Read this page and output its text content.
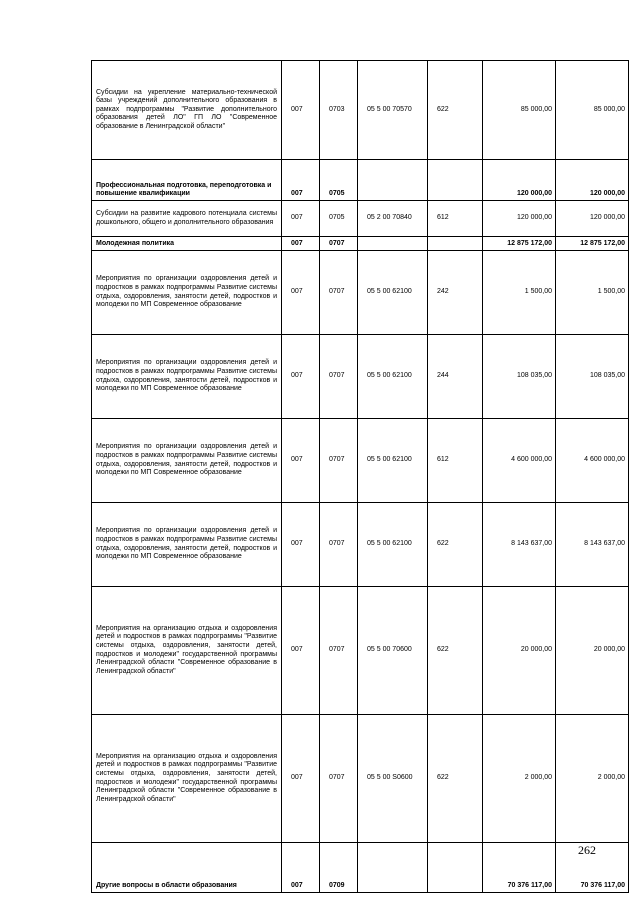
Субсидии на укрепление материально-технической базы учреждений дополнительного образования в рамках подпрограммы "Развитие дополнительного образования детей ЛО" ГП ЛО "Современное образование в Ленинградской области"	007	0703	05 5 00 70570	622	85 000,00	85 000,00
Профессиональная подготовка, переподготовка и повышение квалификации	007	0705			120 000,00	120 000,00
Субсидии на развитие кадрового потенциала системы дошкольного, общего и дополнительного образования	007	0705	05 2 00 70840	612	120 000,00	120 000,00
Молодежная политика	007	0707			12 875 172,00	12 875 172,00
Мероприятия по организации оздоровления детей и подростков в рамках подпрограммы Развитие системы отдыха, оздоровления, занятости детей, подростков и молодежи по МП Современное образование	007	0707	05 5 00 62100	242	1 500,00	1 500,00
Мероприятия по организации оздоровления детей и подростков в рамках подпрограммы Развитие системы отдыха, оздоровления, занятости детей, подростков и молодежи по МП Современное образование	007	0707	05 5 00 62100	244	108 035,00	108 035,00
Мероприятия по организации оздоровления детей и подростков в рамках подпрограммы Развитие системы отдыха, оздоровления, занятости детей, подростков и молодежи по МП Современное образование	007	0707	05 5 00 62100	612	4 600 000,00	4 600 000,00
Мероприятия по организации оздоровления детей и подростков в рамках подпрограммы Развитие системы отдыха, оздоровления, занятости детей, подростков и молодежи по МП Современное образование	007	0707	05 5 00 62100	622	8 143 637,00	8 143 637,00
Мероприятия на организацию отдыха и оздоровления детей и подростков в рамках подпрограммы "Развитие системы отдыха, оздоровления, занятости детей, подростков и молодежи" государственной программы Ленинградской области "Современное образование в Ленинградской области"	007	0707	05 5 00 70600	622	20 000,00	20 000,00
Мероприятия на организацию отдыха и оздоровления детей и подростков в рамках подпрограммы "Развитие системы отдыха, оздоровления, занятости детей, подростков и молодежи" государственной программы Ленинградской области "Современное образование в Ленинградской области"	007	0707	05 5 00 S0600	622	2 000,00	2 000,00
Другие вопросы в области образования	007	0709			70 376 117,00	70 376 117,00
262
